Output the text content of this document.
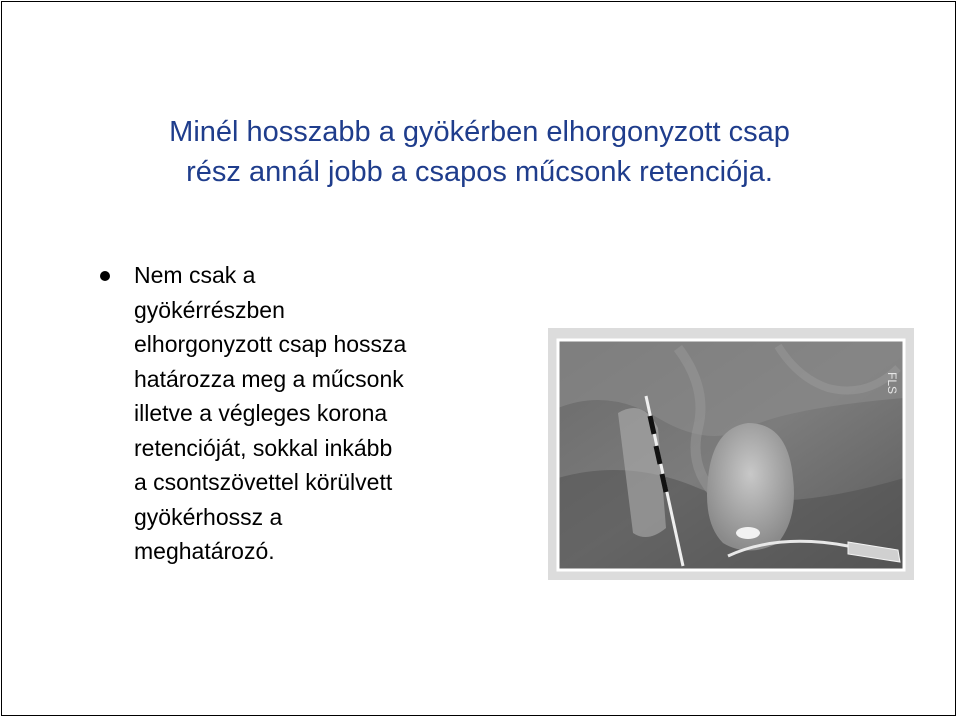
Minél hosszabb a gyökérben elhorgonyzott csap
rész annál jobb a csapos műcsonk retenciója.
Nem csak a
gyökérrészben
elhorgonyzott csap hossza
határozza meg a műcsonk
illetve a végleges korona
retencióját, sokkal inkább
a csontszövettel körülvett
gyökérhossz a
meghatározó.
FLS
